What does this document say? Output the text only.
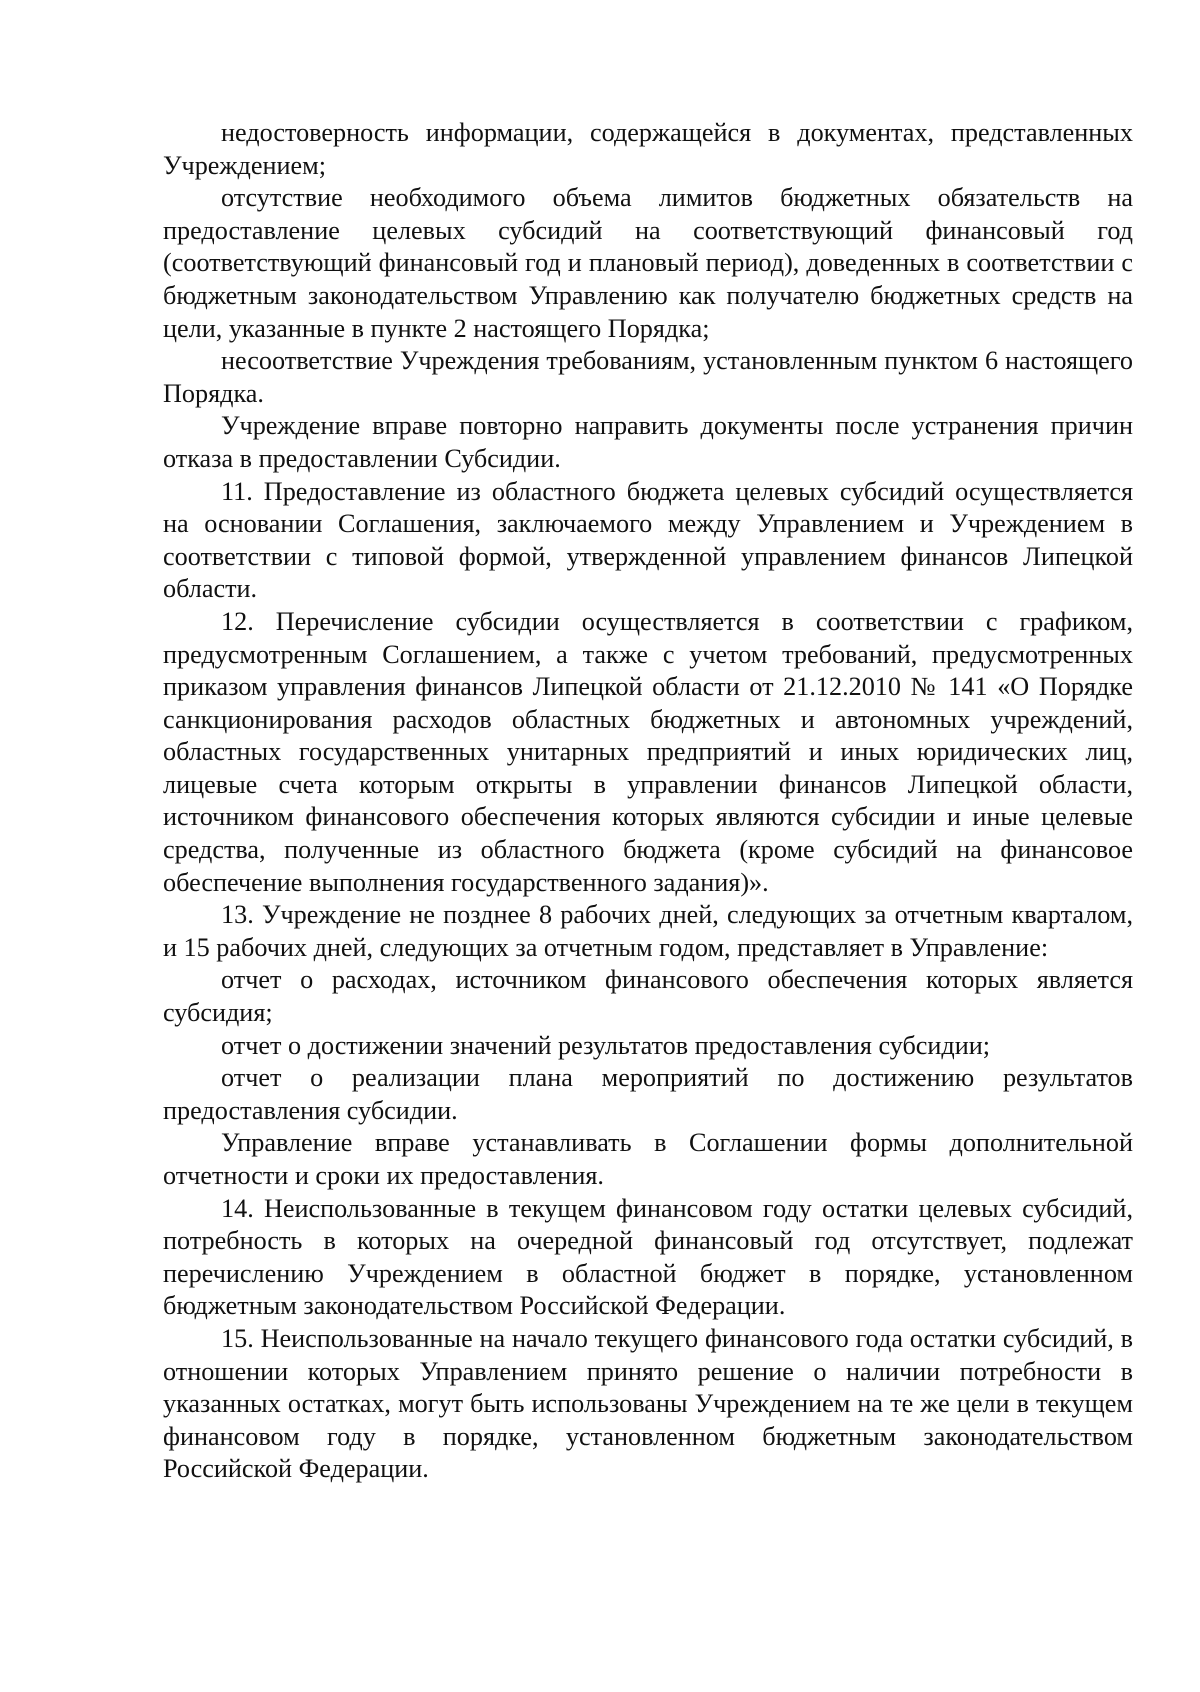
недостоверность информации, содержащейся в документах, представленных Учреждением;

отсутствие необходимого объема лимитов бюджетных обязательств на предоставление целевых субсидий на соответствующий финансовый год (соответствующий финансовый год и плановый период), доведенных в соответствии с бюджетным законодательством Управлению как получателю бюджетных средств на цели, указанные в пункте 2 настоящего Порядка;

несоответствие Учреждения требованиям, установленным пунктом 6 настоящего Порядка.

Учреждение вправе повторно направить документы после устранения причин отказа в предоставлении Субсидии.

11. Предоставление из областного бюджета целевых субсидий осуществляется на основании Соглашения, заключаемого между Управлением и Учреждением в соответствии с типовой формой, утвержденной управлением финансов Липецкой области.

12. Перечисление субсидии осуществляется в соответствии с графиком, предусмотренным Соглашением, а также с учетом требований, предусмотренных приказом управления финансов Липецкой области от 21.12.2010 № 141 «О Порядке санкционирования расходов областных бюджетных и автономных учреждений, областных государственных унитарных предприятий и иных юридических лиц, лицевые счета которым открыты в управлении финансов Липецкой области, источником финансового обеспечения которых являются субсидии и иные целевые средства, полученные из областного бюджета (кроме субсидий на финансовое обеспечение выполнения государственного задания)».

13. Учреждение не позднее 8 рабочих дней, следующих за отчетным кварталом, и 15 рабочих дней, следующих за отчетным годом, представляет в Управление:

отчет о расходах, источником финансового обеспечения которых является субсидия;

отчет о достижении значений результатов предоставления субсидии;

отчет о реализации плана мероприятий по достижению результатов предоставления субсидии.

Управление вправе устанавливать в Соглашении формы дополнительной отчетности и сроки их предоставления.

14. Неиспользованные в текущем финансовом году остатки целевых субсидий, потребность в которых на очередной финансовый год отсутствует, подлежат перечислению Учреждением в областной бюджет в порядке, установленном бюджетным законодательством Российской Федерации.

15. Неиспользованные на начало текущего финансового года остатки субсидий, в отношении которых Управлением принято решение о наличии потребности в указанных остатках, могут быть использованы Учреждением на те же цели в текущем финансовом году в порядке, установленном бюджетным законодательством Российской Федерации.
